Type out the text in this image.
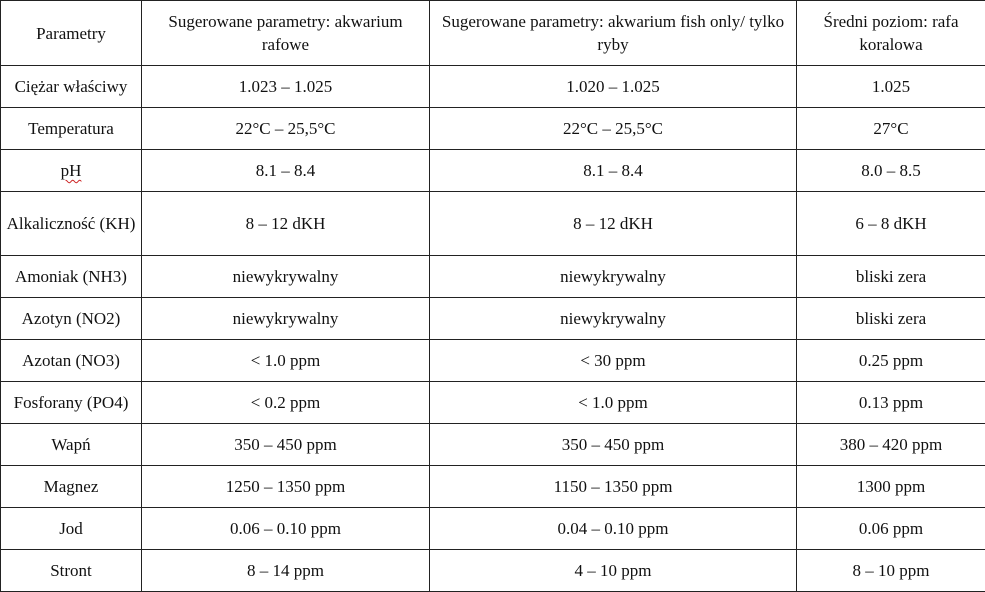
Parametry	Sugerowane parametry: akwarium rafowe	Sugerowane parametry: akwarium fish only/ tylko ryby	Średni poziom: rafa koralowa
Ciężar właściwy	1.023 – 1.025	1.020 – 1.025	1.025
Temperatura	22°C – 25,5°C	22°C – 25,5°C	27°C
pH	8.1 – 8.4	8.1 – 8.4	8.0 – 8.5
Alkaliczność (KH)	8 – 12 dKH	8 – 12 dKH	6 – 8 dKH
Amoniak (NH3)	niewykrywalny	niewykrywalny	bliski zera
Azotyn (NO2)	niewykrywalny	niewykrywalny	bliski zera
Azotan (NO3)	< 1.0 ppm	< 30 ppm	0.25 ppm
Fosforany (PO4)	< 0.2 ppm	< 1.0 ppm	0.13 ppm
Wapń	350 – 450 ppm	350 – 450 ppm	380 – 420 ppm
Magnez	1250 – 1350 ppm	1150 – 1350 ppm	1300 ppm
Jod	0.06 – 0.10 ppm	0.04 – 0.10 ppm	0.06 ppm
Stront	8 – 14 ppm	4 – 10 ppm	8 – 10 ppm
